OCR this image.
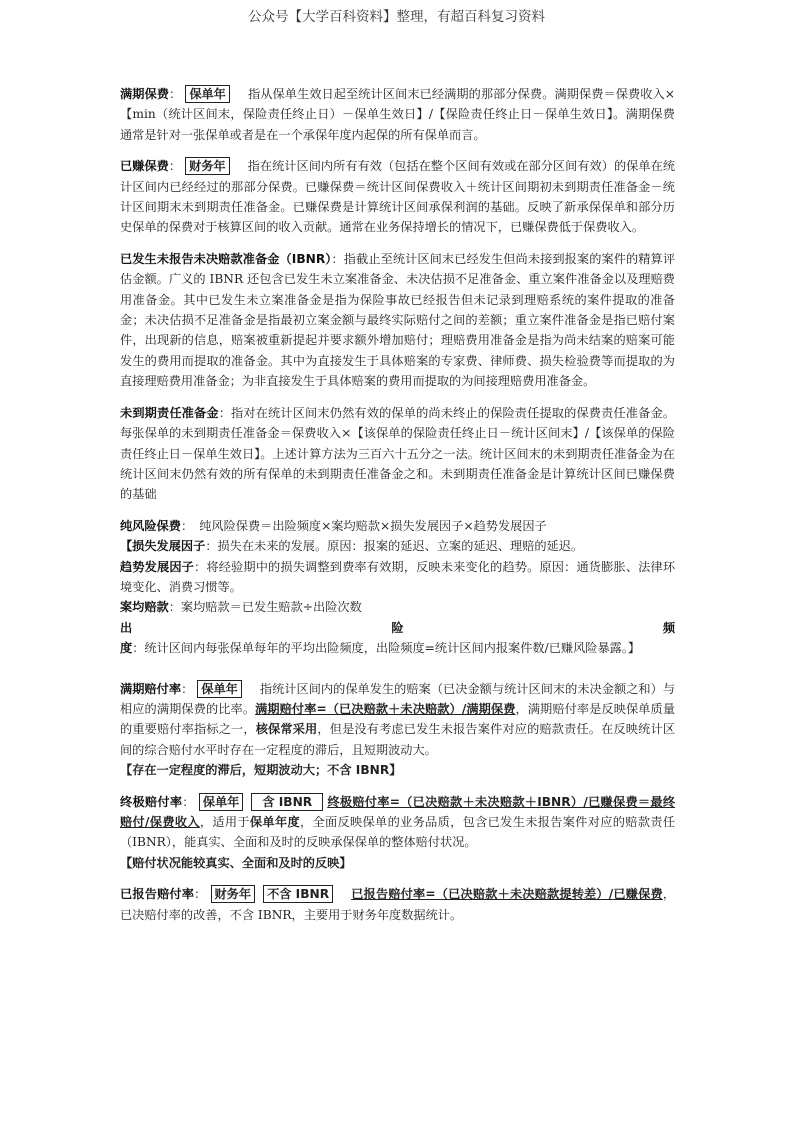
公众号【大学百科资料】整理，有超百科复习资料

满期保费： 保单年 指从保单生效日起至统计区间末已经满期的那部分保费。满期保费＝保费收入×【min（统计区间末，保险责任终止日）－保单生效日】/【保险责任终止日－保单生效日】。满期保费通常是针对一张保单或者是在一个承保年度内起保的所有保单而言。

已赚保费： 财务年 指在统计区间内所有有效（包括在整个区间有效或在部分区间有效）的保单在统计区间内已经经过的那部分保费。已赚保费＝统计区间保费收入＋统计区间期初未到期责任准备金－统计区间期末未到期责任准备金。已赚保费是计算统计区间承保利润的基础。反映了新承保保单和部分历史保单的保费对于核算区间的收入贡献。通常在业务保持增长的情况下，已赚保费低于保费收入。

已发生未报告未决赔款准备金（IBNR）：指截止至统计区间末已经发生但尚未接到报案的案件的精算评估金额。广义的 IBNR 还包含已发生未立案准备金、未决估损不足准备金、重立案件准备金以及理赔费用准备金。其中已发生未立案准备金是指为保险事故已经报告但未记录到理赔系统的案件提取的准备金；未决估损不足准备金是指最初立案金额与最终实际赔付之间的差额；重立案件准备金是指已赔付案件，出现新的信息，赔案被重新提起并要求额外增加赔付；理赔费用准备金是指为尚未结案的赔案可能发生的费用而提取的准备金。其中为直接发生于具体赔案的专家费、律师费、损失检验费等而提取的为直接理赔费用准备金；为非直接发生于具体赔案的费用而提取的为间接理赔费用准备金。

未到期责任准备金：指对在统计区间末仍然有效的保单的尚未终止的保险责任提取的保费责任准备金。每张保单的未到期责任准备金＝保费收入×【该保单的保险责任终止日－统计区间末】/【该保单的保险责任终止日－保单生效日】。上述计算方法为三百六十五分之一法。统计区间末的未到期责任准备金为在统计区间末仍然有效的所有保单的未到期责任准备金之和。未到期责任准备金是计算统计区间已赚保费的基础

纯风险保费：　纯风险保费＝出险频度×案均赔款×损失发展因子×趋势发展因子

【损失发展因子：损失在未来的发展。原因：报案的延迟、立案的延迟、理赔的延迟。

趋势发展因子：将经验期中的损失调整到费率有效期，反映未来变化的趋势。原因：通货膨胀、法律环境变化、消费习惯等。

案均赔款：案均赔款＝已发生赔款÷出险次数

出险频度：统计区间内每张保单每年的平均出险频度，出险频度=统计区间内报案件数/已赚风险暴露。】

满期赔付率： 保单年 指统计区间内的保单发生的赔案（已决金额与统计区间末的未决金额之和）与相应的满期保费的比率。满期赔付率=（已决赔款＋未决赔款）/满期保费，满期赔付率是反映保单质量的重要赔付率指标之一，核保常采用，但是没有考虑已发生未报告案件对应的赔款责任。在反映统计区间的综合赔付水平时存在一定程度的滞后，且短期波动大。

【存在一定程度的滞后，短期波动大；不含 IBNR】

终极赔付率： 保单年 含 IBNR 终极赔付率=（已决赔款＋未决赔款＋IBNR）/已赚保费＝最终赔付/保费收入，适用于保单年度，全面反映保单的业务品质，包含已发生未报告案件对应的赔款责任（IBNR），能真实、全面和及时的反映承保保单的整体赔付状况。

【赔付状况能较真实、全面和及时的反映】

已报告赔付率： 财务年 不含 IBNR 已报告赔付率=（已决赔款＋未决赔款提转差）/已赚保费，已决赔付率的改善，不含 IBNR，主要用于财务年度数据统计。
